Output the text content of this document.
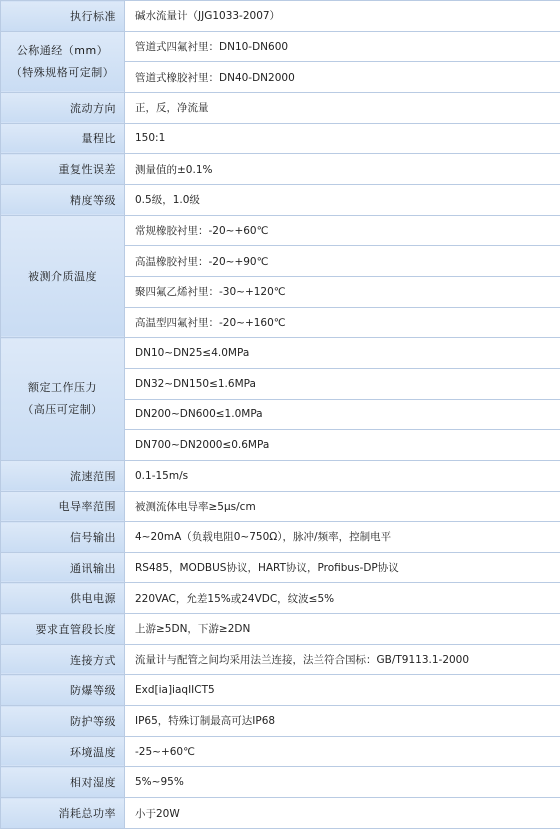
执行标准	碱水流量计（JJG1033-2007）

公称通经（mm）
（特殊规格可定制）	管道式四氟衬里：DN10-DN600
	管道式橡胶衬里：DN40-DN2000
流动方向	正，反，净流量
量程比	150:1
重复性误差	测量值的±0.1%
精度等级	0.5级，1.0级
被测介质温度	常规橡胶衬里：-20~+60℃
	高温橡胶衬里：-20~+90℃
	聚四氟乙烯衬里：-30~+120℃
	高温型四氟衬里：-20~+160℃

额定工作压力
（高压可定制）	DN10~DN25≤4.0MPa
	DN32~DN150≤1.6MPa
	DN200~DN600≤1.0MPa
	DN700~DN2000≤0.6MPa
流速范围	0.1-15m/s
电导率范围	被测流体电导率≥5μs/cm
信号输出	4~20mA（负载电阻0~750Ω），脉冲/频率，控制电平
通讯输出	RS485，MODBUS协议，HART协议，Profibus-DP协议
供电电源	220VAC，允差15%或24VDC，纹波≤5%
要求直管段长度	上游≥5DN，下游≥2DN
连接方式	流量计与配管之间均采用法兰连接，法兰符合国标：GB/T9113.1-2000
防爆等级	Exd[ia]iaqIICT5
防护等级	IP65，特殊订制最高可达IP68
环境温度	-25~+60℃
相对湿度	5%~95%
消耗总功率	小于20W
